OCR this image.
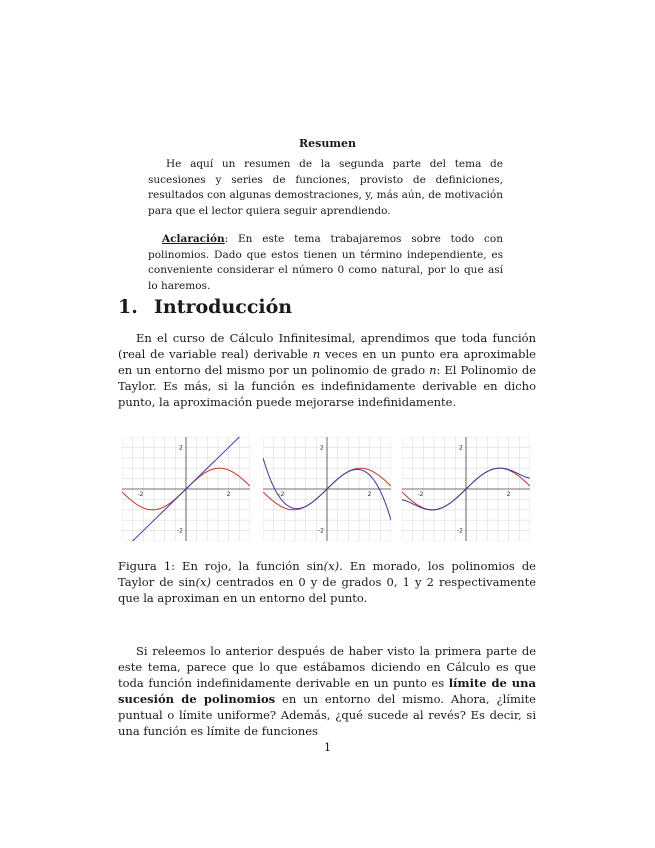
Resumen
He aquí un resumen de la segunda parte del tema de sucesiones y series de funciones, provisto de definiciones, resultados con algunas demostraciones, y, más aún, de motivación para que el lector quiera seguir aprendiendo.
Aclaración: En este tema trabajaremos sobre todo con polinomios. Dado que estos tienen un término independiente, es conveniente considerar el número 0 como natural, por lo que así lo haremos.
1. Introducción
En el curso de Cálculo Infinitesimal, aprendimos que toda función (real de variable real) derivable n veces en un punto era aproximable en un entorno del mismo por un polinomio de grado n: El Polinomio de Taylor. Es más, si la función es indefinidamente derivable en dicho punto, la aproximación puede mejorarse indefinidamente.
-2	2
2
-2
-2	2
2
-2
-2	2
2
-2
Figura 1: En rojo, la función sin(x). En morado, los polinomios de Taylor de sin(x) centrados en 0 y de grados 0, 1 y 2 respectivamente que la aproximan en un entorno del punto.
Si releemos lo anterior después de haber visto la primera parte de este tema, parece que lo que estábamos diciendo en Cálculo es que toda función indefinidamente derivable en un punto es límite de una sucesión de polinomios en un entorno del mismo. Ahora, ¿límite puntual o límite uniforme? Además, ¿qué sucede al revés? Es decir, si una función es límite de funciones
1
